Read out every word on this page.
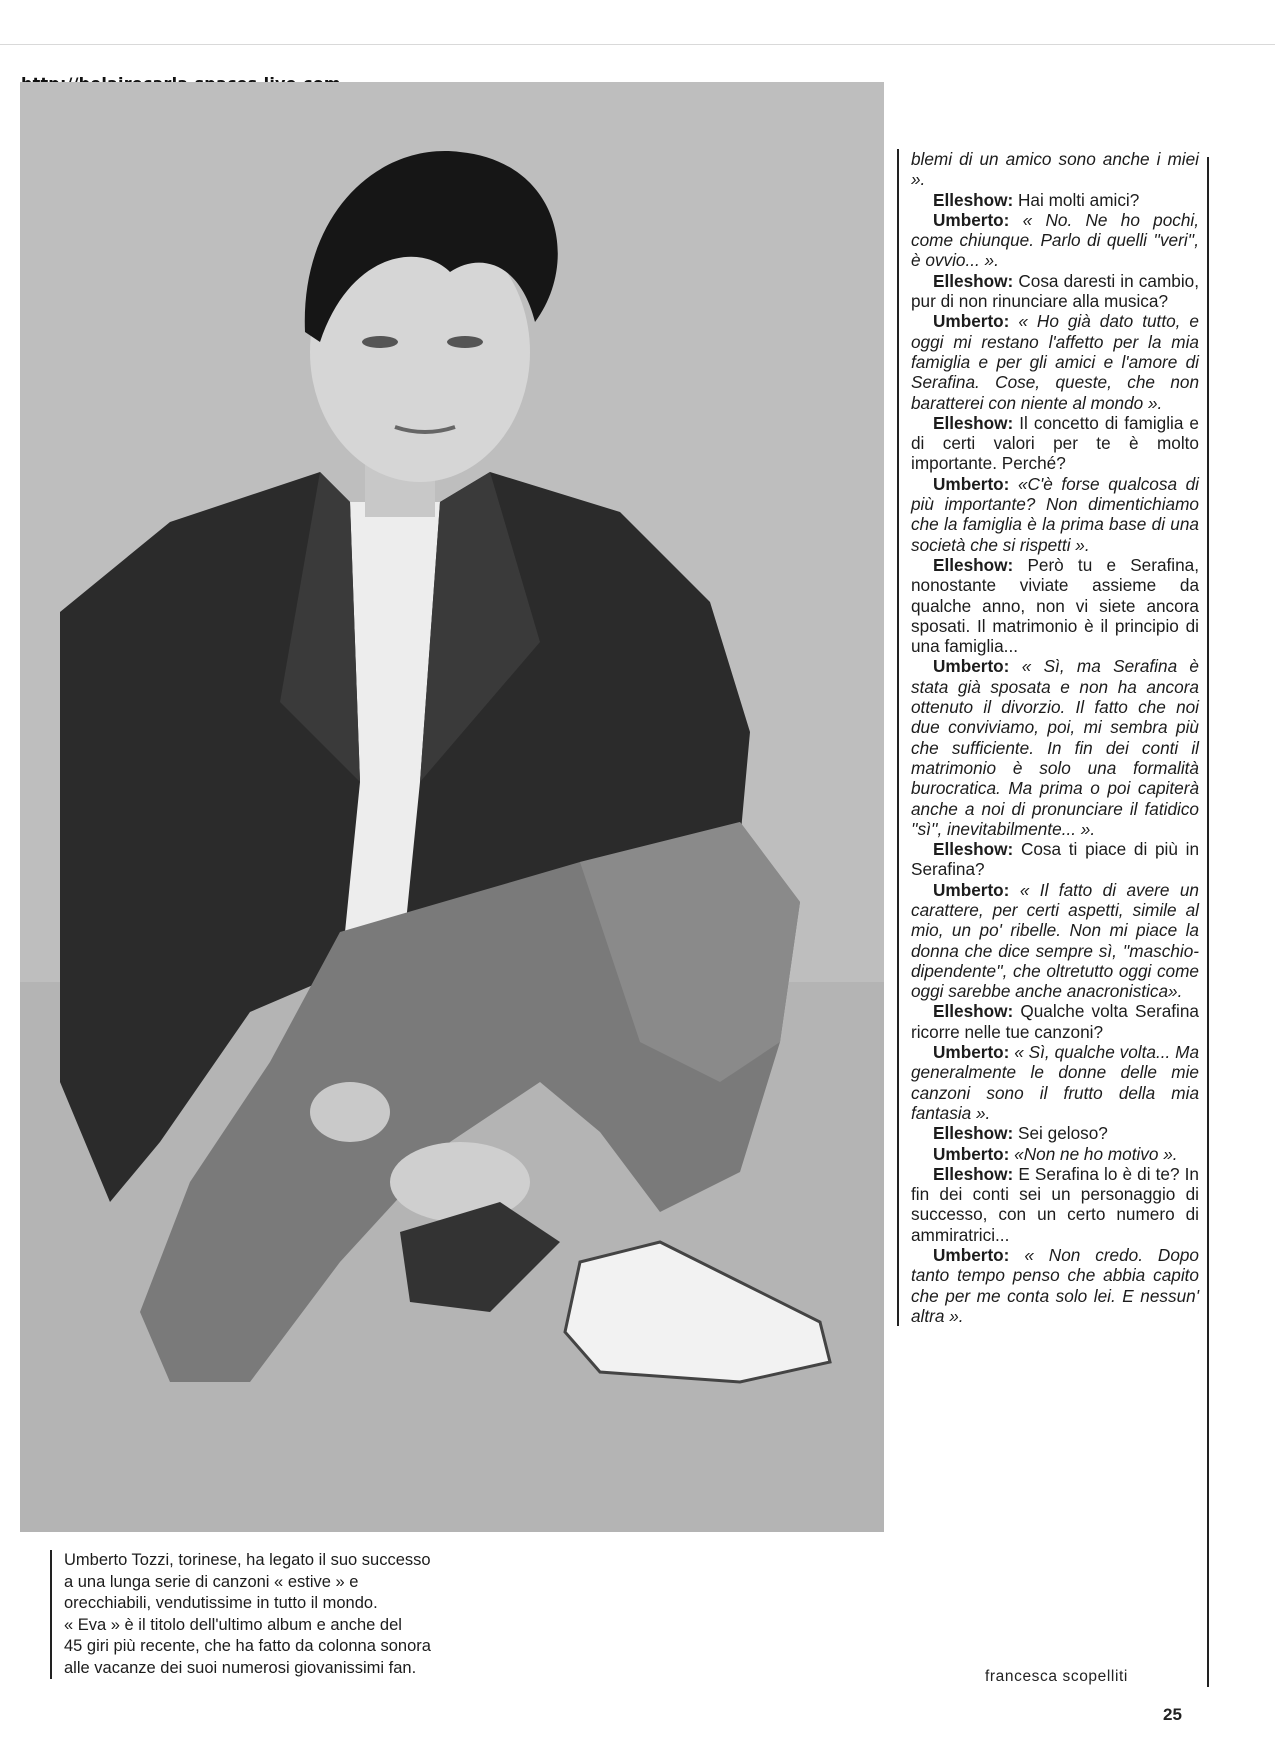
Umberto Tozzi, torinese, ha legato il suo successo

a una lunga serie di canzoni « estive » e

orecchiabili, vendutissime in tutto il mondo.

« Eva » è il titolo dell'ultimo album e anche del

45 giri più recente, che ha fatto da colonna sonora

alle vacanze dei suoi numerosi giovanissimi fan.

blemi di un amico sono anche i miei ».

Elleshow: Hai molti amici?

Umberto: « No. Ne ho pochi, come chiunque. Parlo di quelli ''veri'', è ovvio... ».

Elleshow: Cosa daresti in cambio, pur di non rinunciare alla musica?

Umberto: « Ho già dato tutto, e oggi mi restano l'affetto per la mia famiglia e per gli amici e l'amore di Serafina. Cose, queste, che non baratterei con niente al mondo ».

Elleshow: Il concetto di famiglia e di certi valori per te è molto importante. Perché?

Umberto: «C'è forse qualcosa di più importante? Non dimentichiamo che la famiglia è la prima base di una società che si rispetti ».

Elleshow: Però tu e Serafina, nonostante viviate assieme da qualche anno, non vi siete ancora sposati. Il matrimonio è il principio di una famiglia...

Umberto: « Sì, ma Serafina è stata già sposata e non ha ancora ottenuto il divorzio. Il fatto che noi due conviviamo, poi, mi sembra più che sufficiente. In fin dei conti il matrimonio è solo una formalità burocratica. Ma prima o poi capiterà anche a noi di pronunciare il fatidico ''sì'', inevitabilmente... ».

Elleshow: Cosa ti piace di più in Serafina?

Umberto: « Il fatto di avere un carattere, per certi aspetti, simile al mio, un po' ribelle. Non mi piace la donna che dice sempre sì, ''maschio-dipendente'', che oltretutto oggi come oggi sarebbe anche anacronistica».

Elleshow: Qualche volta Serafina ricorre nelle tue canzoni?

Umberto: « Sì, qualche volta... Ma generalmente le donne delle mie canzoni sono il frutto della mia fantasia ».

Elleshow: Sei geloso?

Umberto: «Non ne ho motivo ».

Elleshow: E Serafina lo è di te? In fin dei conti sei un personaggio di successo, con un certo numero di ammiratrici...

Umberto: « Non credo. Dopo tanto tempo penso che abbia capito che per me conta solo lei. E nessun' altra ».

francesca scopelliti
25
